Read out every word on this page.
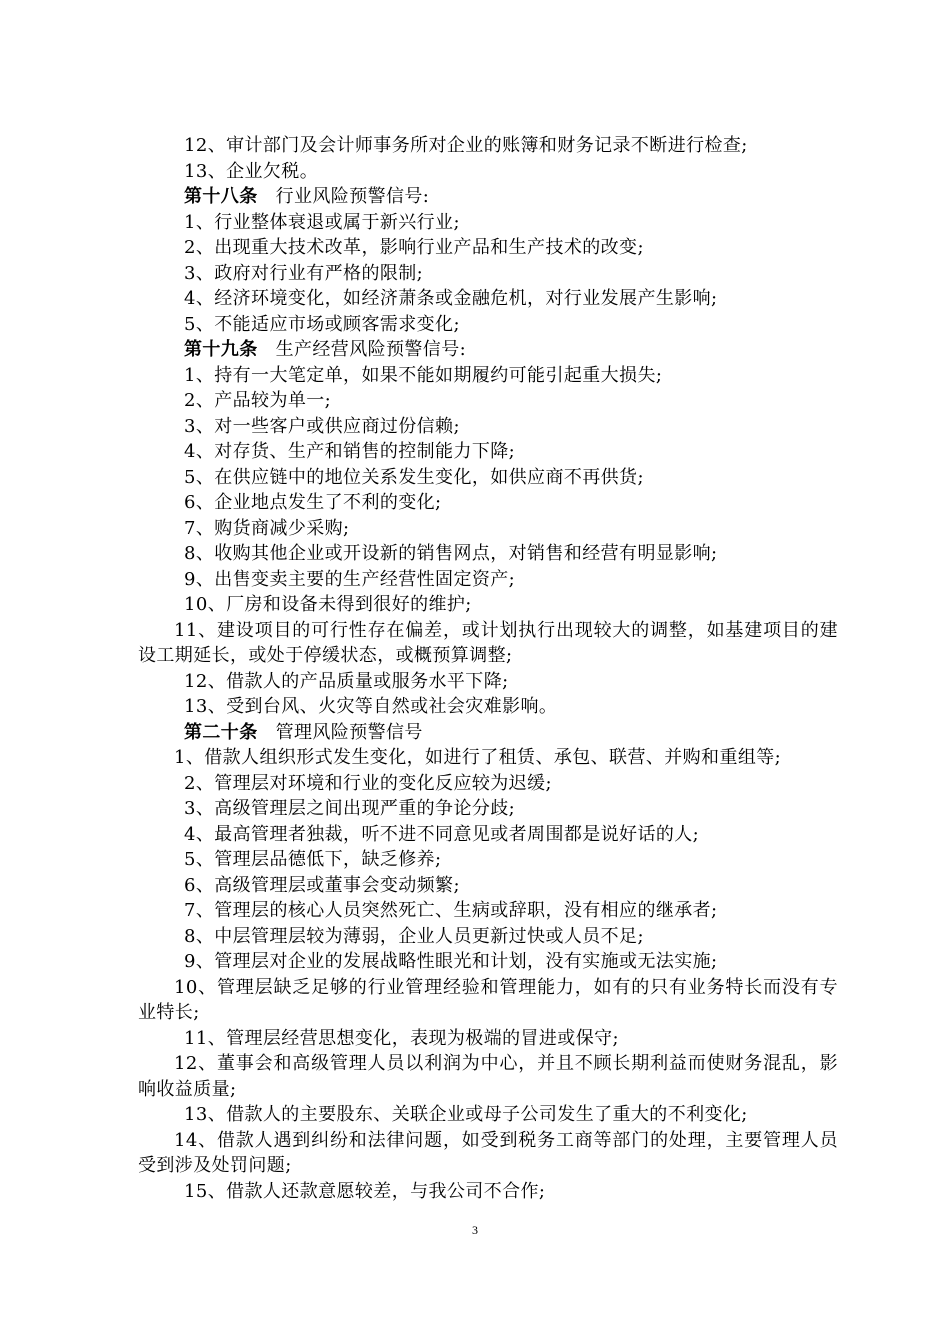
12、审计部门及会计师事务所对企业的账簿和财务记录不断进行检查;
13、企业欠税。
第十八条 行业风险预警信号:
1、行业整体衰退或属于新兴行业;
2、出现重大技术改革，影响行业产品和生产技术的改变;
3、政府对行业有严格的限制;
4、经济环境变化，如经济萧条或金融危机，对行业发展产生影响;
5、不能适应市场或顾客需求变化;
第十九条 生产经营风险预警信号:
1、持有一大笔定单，如果不能如期履约可能引起重大损失;
2、产品较为单一;
3、对一些客户或供应商过份信赖;
4、对存货、生产和销售的控制能力下降;
5、在供应链中的地位关系发生变化，如供应商不再供货;
6、企业地点发生了不利的变化;
7、购货商减少采购;
8、收购其他企业或开设新的销售网点，对销售和经营有明显影响;
9、出售变卖主要的生产经营性固定资产;
10、厂房和设备未得到很好的维护;
11、建设项目的可行性存在偏差，或计划执行出现较大的调整，如基建项目的建设工期延长，或处于停缓状态，或概预算调整;
12、借款人的产品质量或服务水平下降;
13、受到台风、火灾等自然或社会灾难影响。
第二十条 管理风险预警信号
1、借款人组织形式发生变化，如进行了租赁、承包、联营、并购和重组等;
2、管理层对环境和行业的变化反应较为迟缓;
3、高级管理层之间出现严重的争论分歧;
4、最高管理者独裁，听不进不同意见或者周围都是说好话的人;
5、管理层品德低下，缺乏修养;
6、高级管理层或董事会变动频繁;
7、管理层的核心人员突然死亡、生病或辞职，没有相应的继承者;
8、中层管理层较为薄弱，企业人员更新过快或人员不足;
9、管理层对企业的发展战略性眼光和计划，没有实施或无法实施;
10、管理层缺乏足够的行业管理经验和管理能力，如有的只有业务特长而没有专业特长;
11、管理层经营思想变化，表现为极端的冒进或保守;
12、董事会和高级管理人员以利润为中心，并且不顾长期利益而使财务混乱，影响收益质量;
13、借款人的主要股东、关联企业或母子公司发生了重大的不利变化;
14、借款人遇到纠纷和法律问题，如受到税务工商等部门的处理，主要管理人员受到涉及处罚问题;
15、借款人还款意愿较差，与我公司不合作;
3
